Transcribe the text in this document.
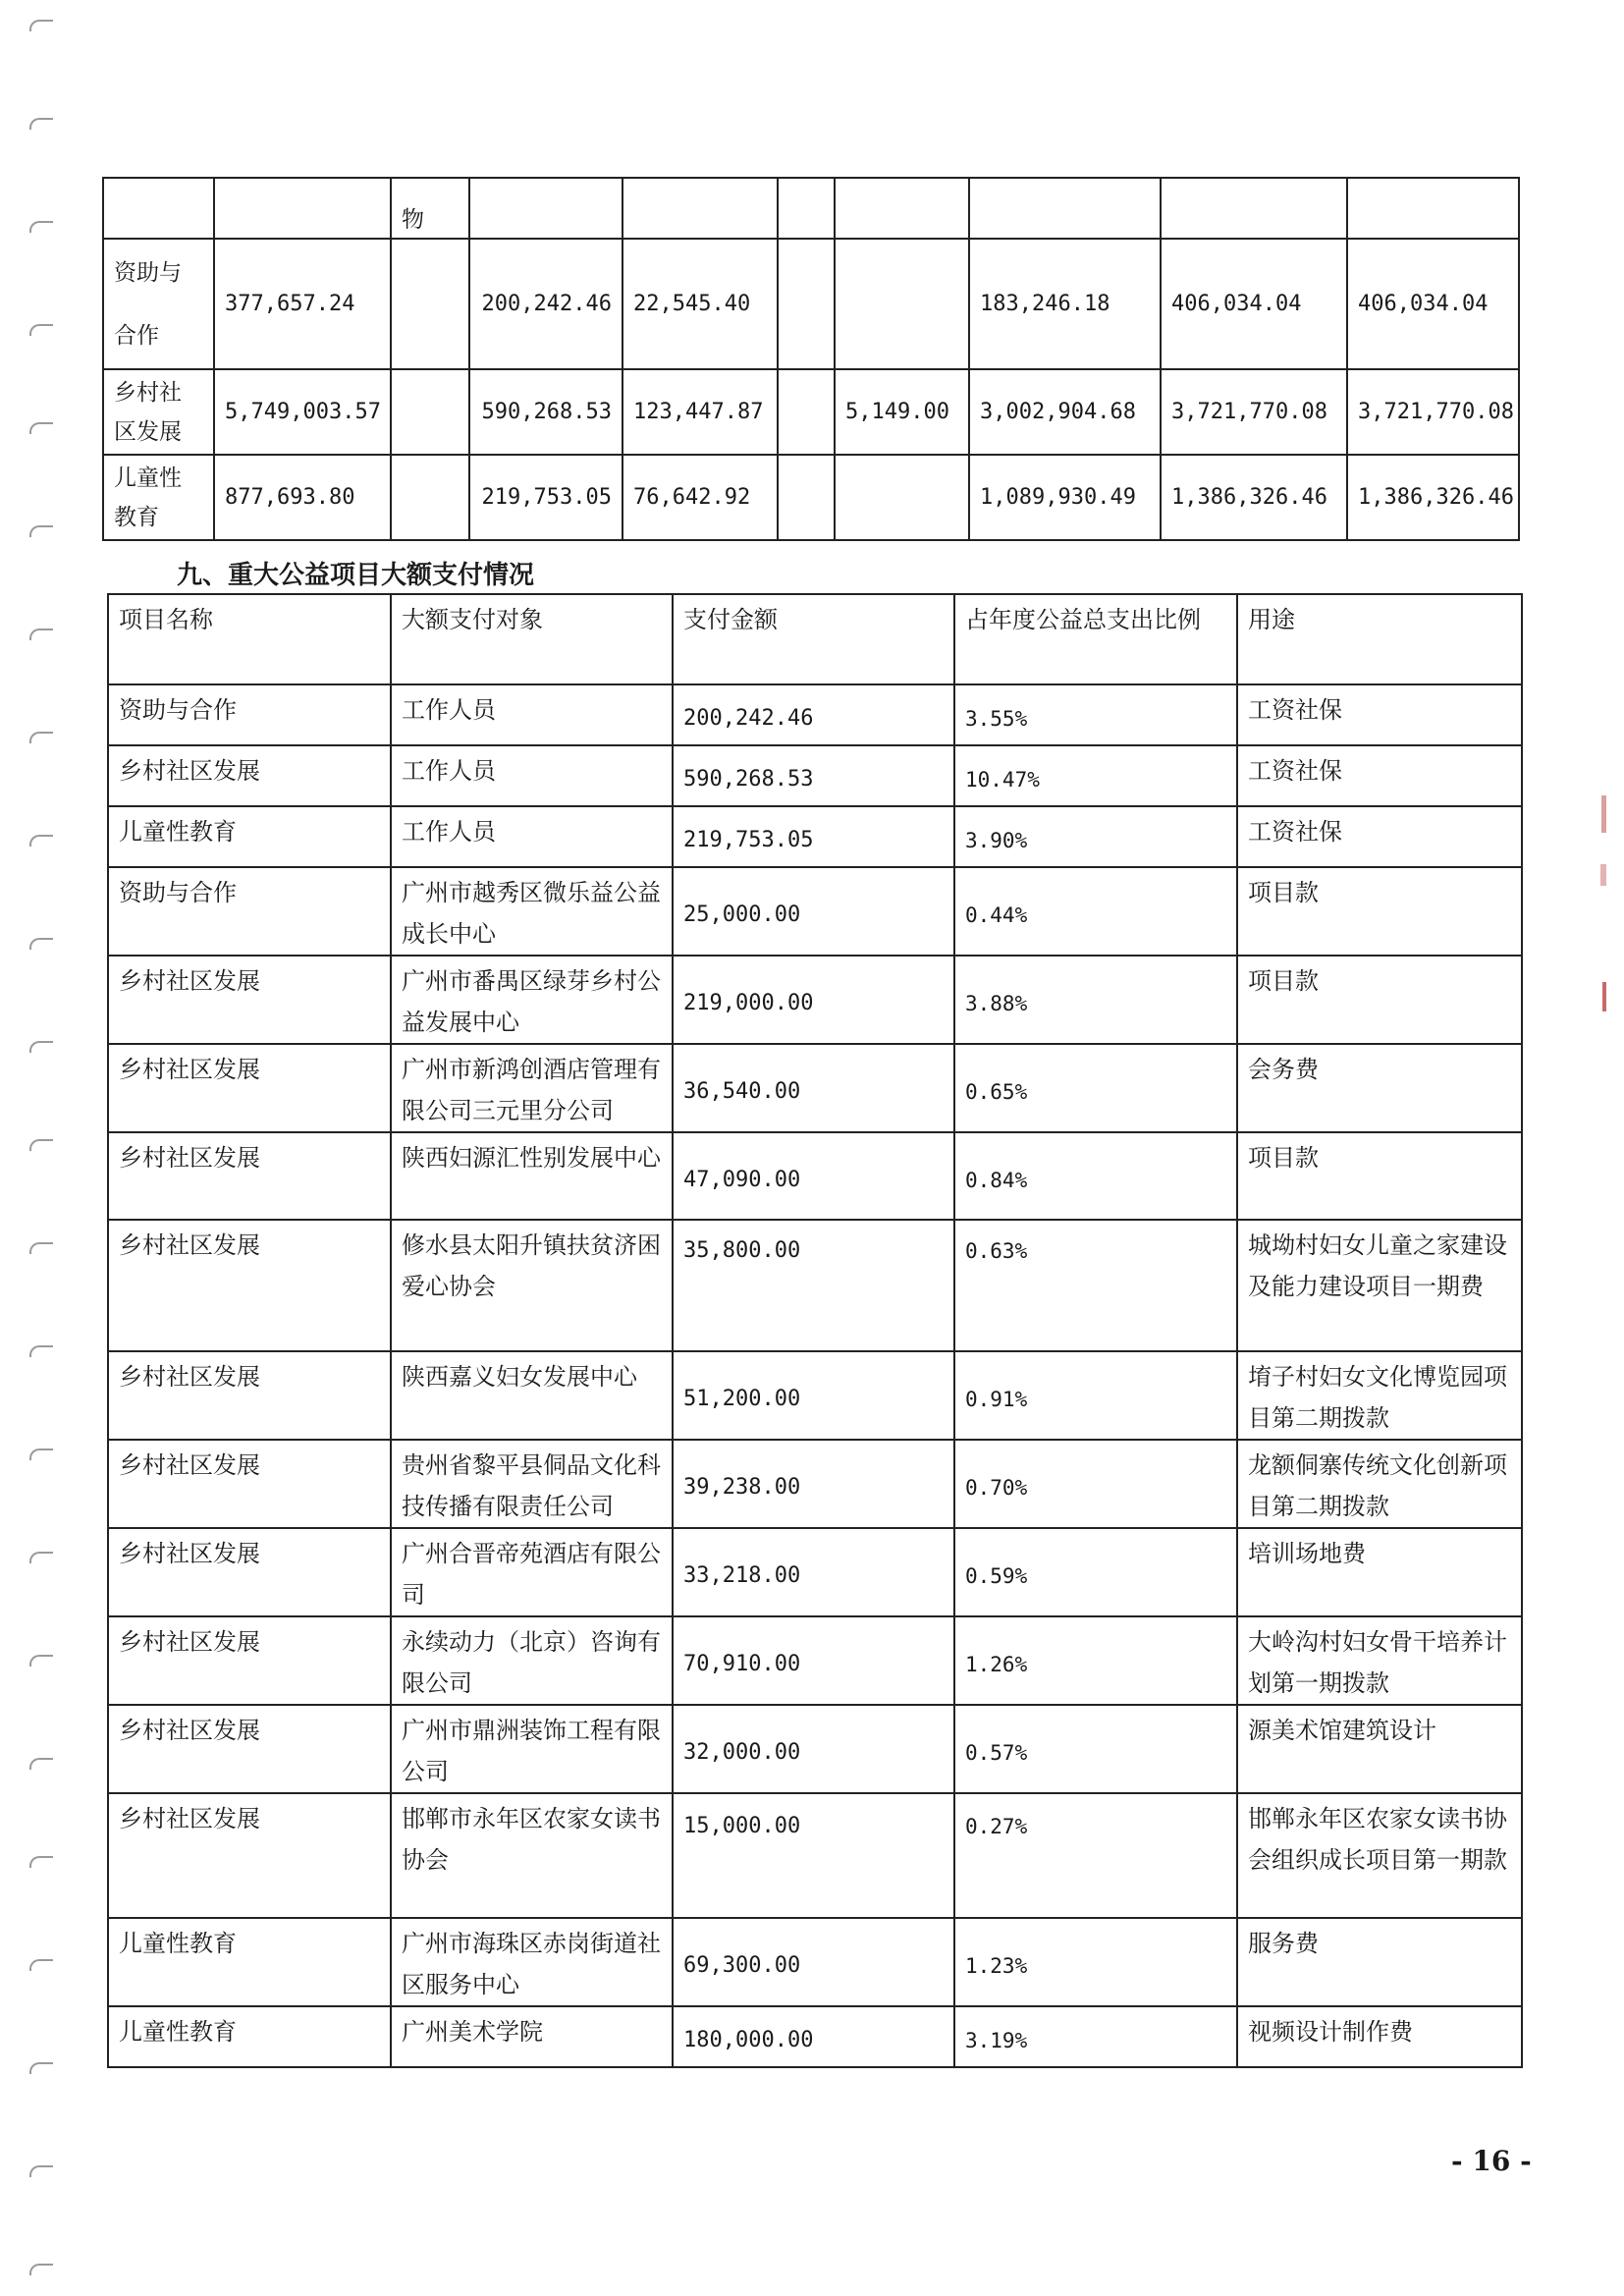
		物							
资助与合作	377,657.24		200,242.46	22,545.40			183,246.18	406,034.04	406,034.04
乡村社区发展	5,749,003.57		590,268.53	123,447.87		5,149.00	3,002,904.68	3,721,770.08	3,721,770.08
儿童性教育	877,693.80		219,753.05	76,642.92			1,089,930.49	1,386,326.46	1,386,326.46

九、重大公益项目大额支付情况

项目名称	大额支付对象	支付金额	占年度公益总支出比例	用途
资助与合作	工作人员	200,242.46	3.55%	工资社保
乡村社区发展	工作人员	590,268.53	10.47%	工资社保
儿童性教育	工作人员	219,753.05	3.90%	工资社保
资助与合作	广州市越秀区微乐益公益成长中心	25,000.00	0.44%	项目款
乡村社区发展	广州市番禺区绿芽乡村公益发展中心	219,000.00	3.88%	项目款
乡村社区发展	广州市新鸿创酒店管理有限公司三元里分公司	36,540.00	0.65%	会务费
乡村社区发展	陕西妇源汇性别发展中心	47,090.00	0.84%	项目款
乡村社区发展	修水县太阳升镇扶贫济困爱心协会	35,800.00	0.63%	城坳村妇女儿童之家建设及能力建设项目一期费
乡村社区发展	陕西嘉义妇女发展中心	51,200.00	0.91%	堉子村妇女文化博览园项目第二期拨款
乡村社区发展	贵州省黎平县侗品文化科技传播有限责任公司	39,238.00	0.70%	龙额侗寨传统文化创新项目第二期拨款
乡村社区发展	广州合晋帝苑酒店有限公司	33,218.00	0.59%	培训场地费
乡村社区发展	永续动力（北京）咨询有限公司	70,910.00	1.26%	大岭沟村妇女骨干培养计划第一期拨款
乡村社区发展	广州市鼎洲装饰工程有限公司	32,000.00	0.57%	源美术馆建筑设计
乡村社区发展	邯郸市永年区农家女读书协会	15,000.00	0.27%	邯郸永年区农家女读书协会组织成长项目第一期款
儿童性教育	广州市海珠区赤岗街道社区服务中心	69,300.00	1.23%	服务费
儿童性教育	广州美术学院	180,000.00	3.19%	视频设计制作费

- 16 -
